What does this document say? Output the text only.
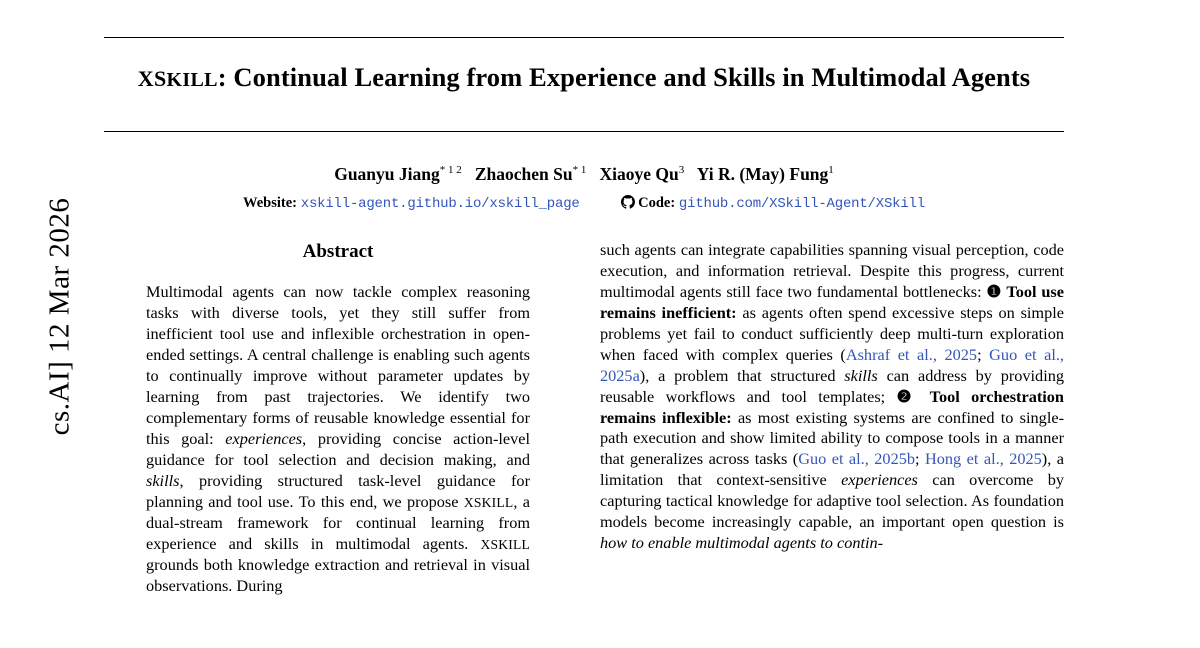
cs.AI] 12 Mar 2026
XSKILL: Continual Learning from Experience and Skills in Multimodal Agents
Guanyu Jiang$^{* 1 2}$ Zhaochen Su$^{* 1}$ Xiaoye Qu$^3$ Yi R. (May) Fung$^1$
Website: xskill-agent.github.io/xskill_page	Code: github.com/XSkill-Agent/XSkill
Abstract

Multimodal agents can now tackle complex reasoning tasks with diverse tools, yet they still suffer from inefficient tool use and inflexible orchestration in open-ended settings. A central challenge is enabling such agents to continually improve without parameter updates by learning from past trajectories. We identify two complementary forms of reusable knowledge essential for this goal: experiences, providing concise action-level guidance for tool selection and decision making, and skills, providing structured task-level guidance for planning and tool use. To this end, we propose XSKILL, a dual-stream framework for continual learning from experience and skills in multimodal agents. XSKILL grounds both knowledge extraction and retrieval in visual observations. During

such agents can integrate capabilities spanning visual perception, code execution, and information retrieval. Despite this progress, current multimodal agents still face two fundamental bottlenecks: ❶ Tool use remains inefficient: as agents often spend excessive steps on simple problems yet fail to conduct sufficiently deep multi-turn exploration when faced with complex queries (Ashraf et al., 2025; Guo et al., 2025a), a problem that structured skills can address by providing reusable workflows and tool templates; ❷ Tool orchestration remains inflexible: as most existing systems are confined to single-path execution and show limited ability to compose tools in a manner that generalizes across tasks (Guo et al., 2025b; Hong et al., 2025), a limitation that context-sensitive experiences can overcome by capturing tactical knowledge for adaptive tool selection. As foundation models become increasingly capable, an important open question is how to enable multimodal agents to contin-
